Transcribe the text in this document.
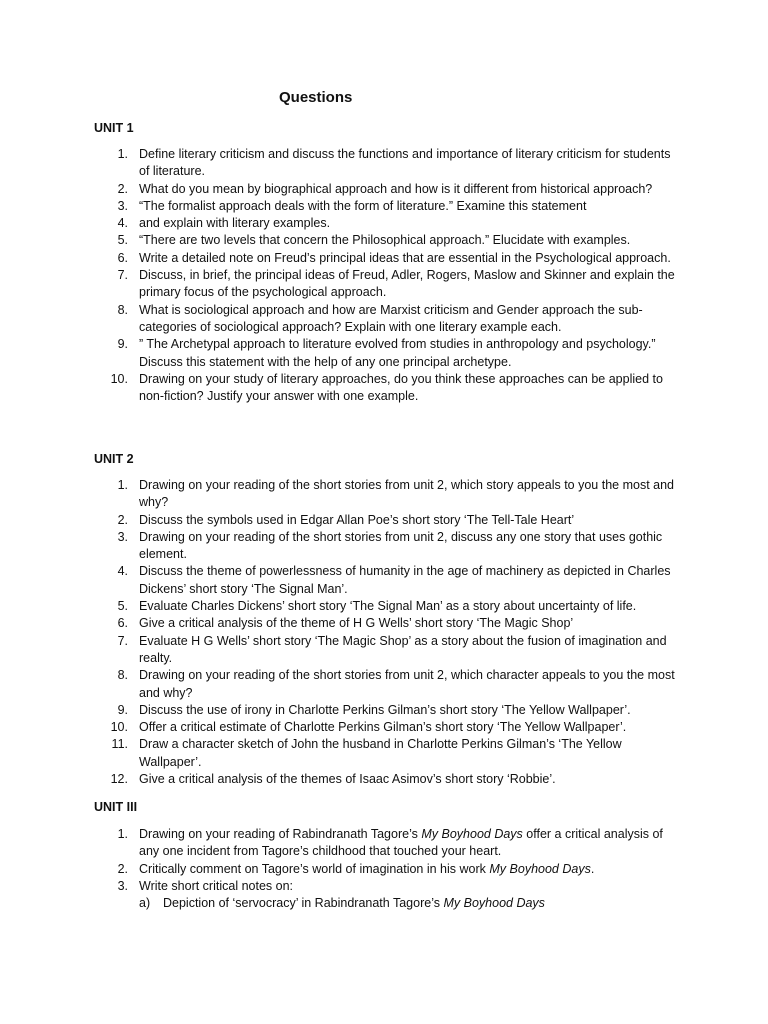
Questions
UNIT 1
1. Define literary criticism and discuss the functions and importance of literary criticism for students of literature.
2. What do you mean by biographical approach and how is it different from historical approach?
3. “The formalist approach deals with the form of literature.” Examine this statement
4. and explain with literary examples.
5. “There are two levels that concern the Philosophical approach.” Elucidate with examples.
6. Write a detailed note on Freud’s principal ideas that are essential in the Psychological approach.
7. Discuss, in brief, the principal ideas of Freud, Adler, Rogers, Maslow and Skinner and explain the primary focus of the psychological approach.
8. What is sociological approach and how are Marxist criticism and Gender approach the sub-categories of sociological approach? Explain with one literary example each.
9. ” The Archetypal approach to literature evolved from studies in anthropology and psychology.” Discuss this statement with the help of any one principal archetype.
10. Drawing on your study of literary approaches, do you think these approaches can be applied to non-fiction? Justify your answer with one example.
UNIT 2
1. Drawing on your reading of the short stories from unit 2, which story appeals to you the most and why?
2. Discuss the symbols used in Edgar Allan Poe’s short story ‘The Tell-Tale Heart’
3. Drawing on your reading of the short stories from unit 2, discuss any one story that uses gothic element.
4. Discuss the theme of powerlessness of humanity in the age of machinery as depicted in Charles Dickens’ short story ‘The Signal Man’.
5. Evaluate Charles Dickens’ short story ‘The Signal Man’ as a story about uncertainty of life.
6. Give a critical analysis of the theme of H G Wells’ short story ‘The Magic Shop’
7. Evaluate H G Wells’ short story ‘The Magic Shop’ as a story about the fusion of imagination and realty.
8. Drawing on your reading of the short stories from unit 2, which character appeals to you the most and why?
9. Discuss the use of irony in Charlotte Perkins Gilman’s short story ‘The Yellow Wallpaper’.
10. Offer a critical estimate of Charlotte Perkins Gilman’s short story ‘The Yellow Wallpaper’.
11. Draw a character sketch of John the husband in Charlotte Perkins Gilman’s ‘The Yellow Wallpaper’.
12. Give a critical analysis of the themes of Isaac Asimov’s short story ‘Robbie’.
UNIT III
1. Drawing on your reading of Rabindranath Tagore’s My Boyhood Days offer a critical analysis of any one incident from Tagore’s childhood that touched your heart.
2. Critically comment on Tagore’s world of imagination in his work My Boyhood Days.
3. Write short critical notes on:

a) Depiction of ‘servocracy’ in Rabindranath Tagore’s My Boyhood Days
